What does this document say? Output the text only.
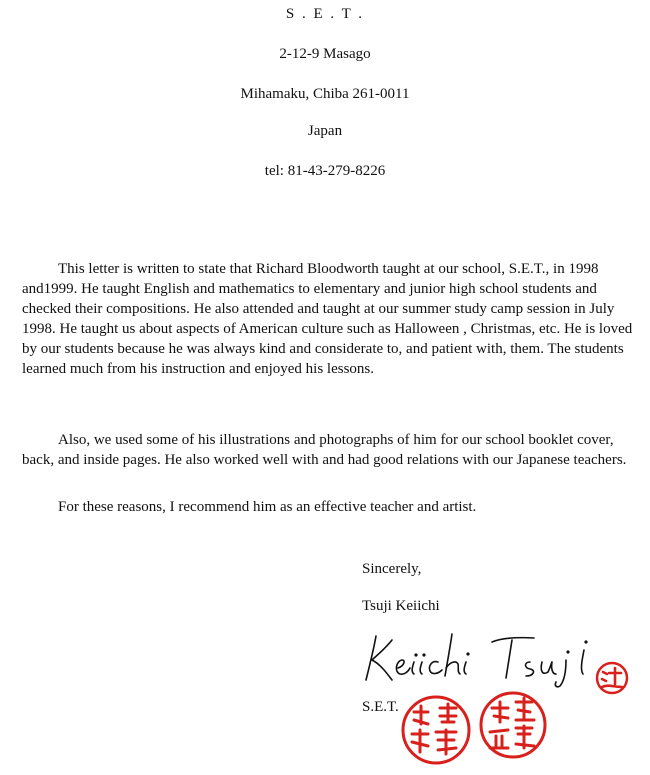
S . E . T .
2-12-9 Masago
Mihamaku, Chiba 261-0011
Japan
tel: 81-43-279-8226

This letter is written to state that Richard Bloodworth taught at our school, S.E.T., in 1998 and1999. He taught English and mathematics to elementary and junior high school students and checked their compositions. He also attended and taught at our summer study camp session in July 1998. He taught us about aspects of American culture such as Halloween , Christmas, etc. He is loved by our students because he was always kind and considerate to, and patient with, them. The students learned much from his instruction and enjoyed his lessons.

Also, we used some of his illustrations and photographs of him for our school booklet cover, back, and inside pages. He also worked well with and had good relations with our Japanese teachers.

For these reasons, I recommend him as an effective teacher and artist.

Sincerely,
Tsuji Keiichi
S.E.T.
